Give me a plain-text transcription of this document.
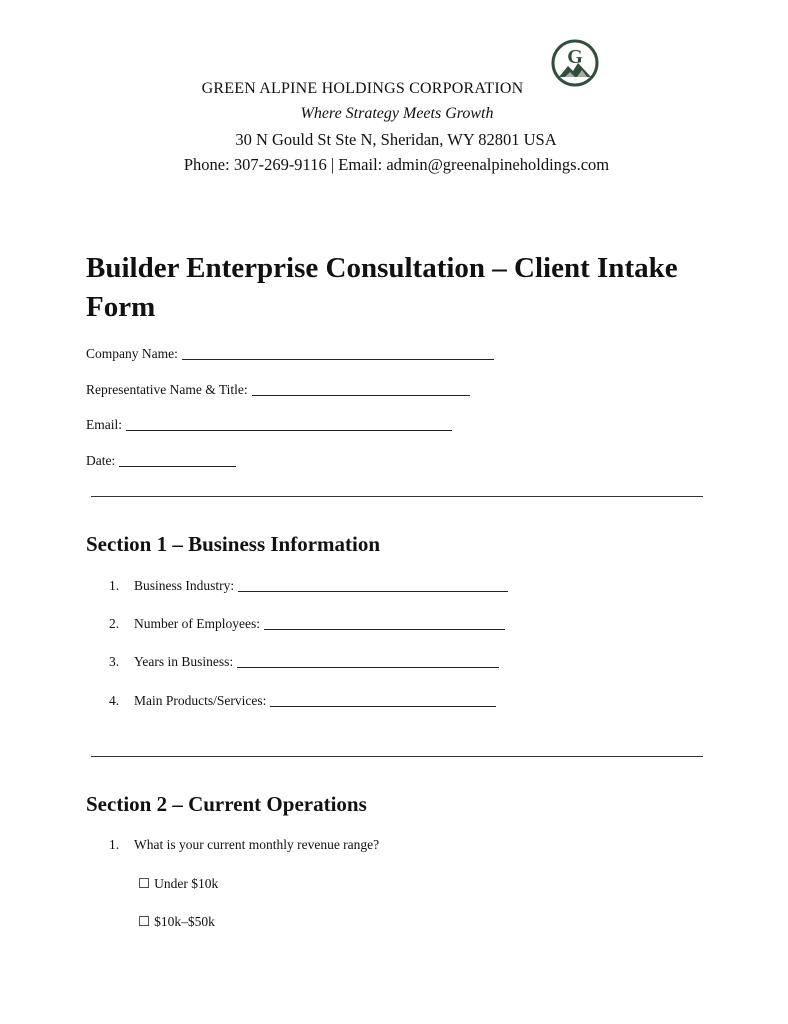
G
GREEN ALPINE HOLDINGS CORPORATION
Where Strategy Meets Growth
30 N Gould St Ste N, Sheridan, WY 82801 USA
Phone: 307-269-9116 | Email: admin@greenalpineholdings.com
Builder Enterprise Consultation – Client Intake Form
Company Name:
Representative Name & Title:
Email:
Date:
Section 1 – Business Information
1.	Business Industry:
2.	Number of Employees:
3.	Years in Business:
4.	Main Products/Services:
Section 2 – Current Operations
1.	What is your current monthly revenue range?
☐ Under $10k
☐ $10k–$50k
